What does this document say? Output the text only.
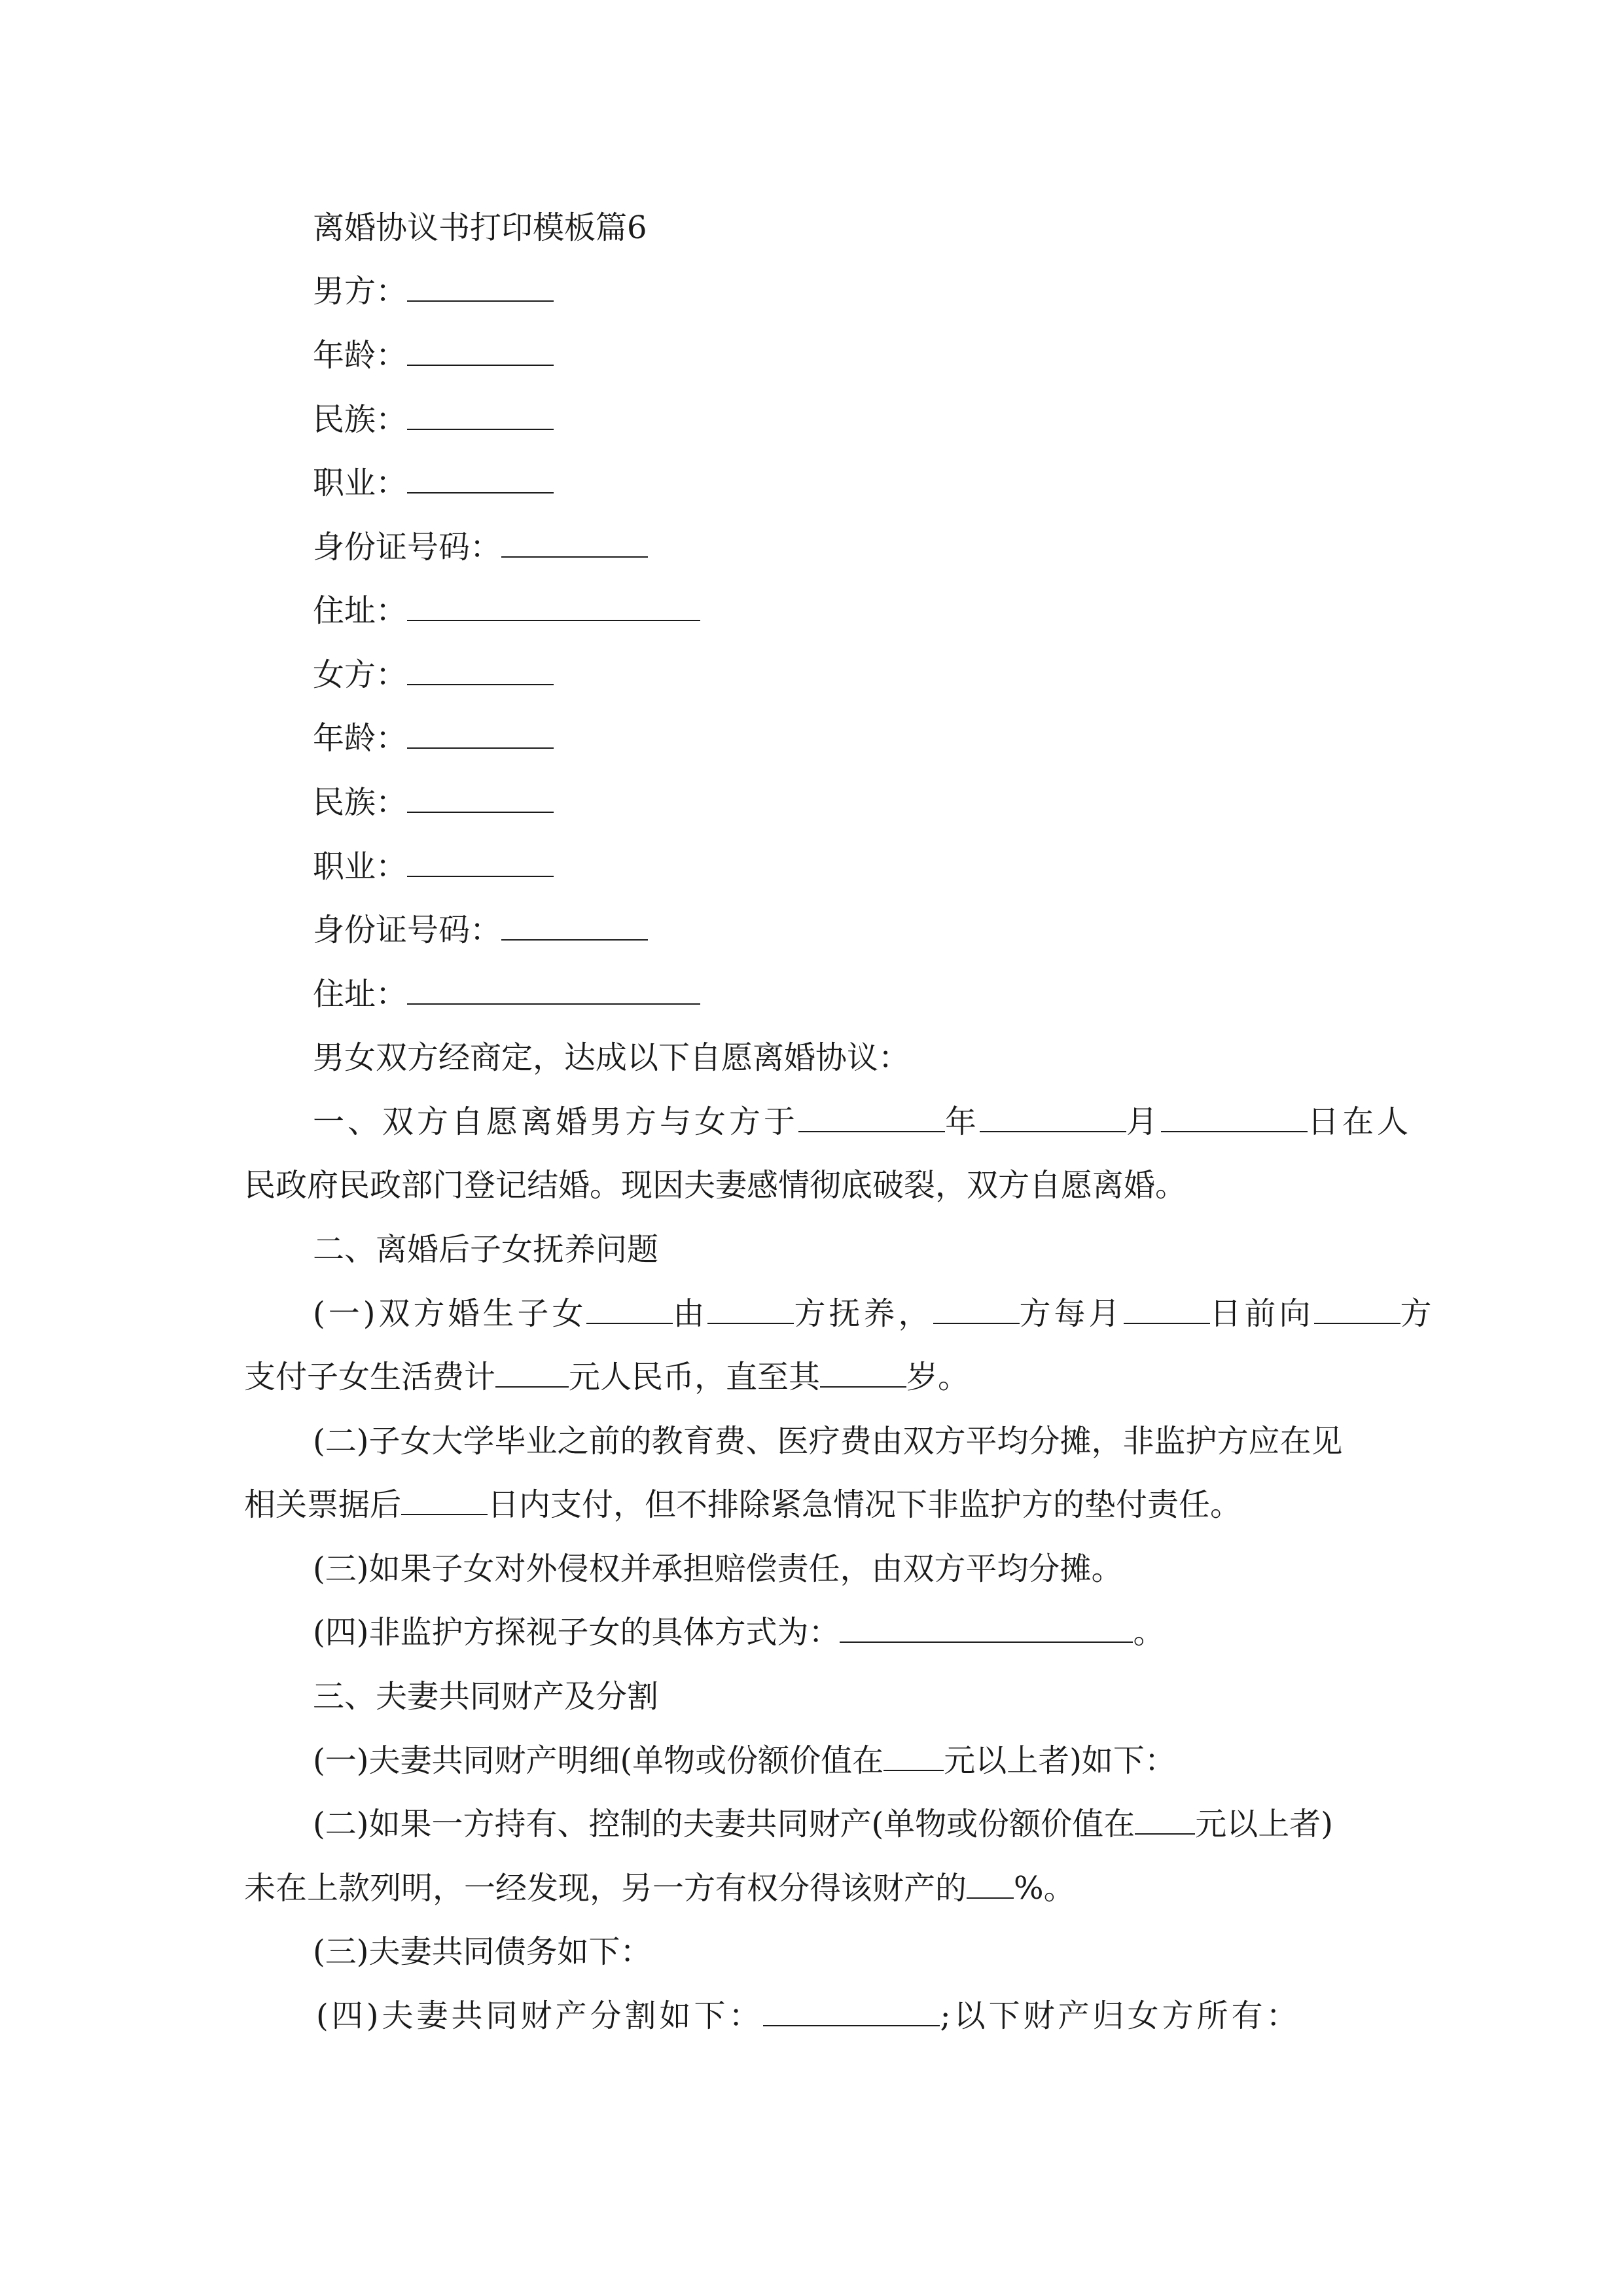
离婚协议书打印模板篇6
男方：
年龄：
民族：
职业：
身份证号码：
住址：
女方：
年龄：
民族：
职业：
身份证号码：
住址：
男女双方经商定，达成以下自愿离婚协议：
一、双方自愿离婚男方与女方于	年	月	日在人
民政府民政部门登记结婚。现因夫妻感情彻底破裂，双方自愿离婚。
二、离婚后子女抚养问题
(一)双方婚生子女	由	方抚养，	方每月	日前向	方
支付子女生活费计 元人民币，直至其	岁。
(二)子女大学毕业之前的教育费、医疗费由双方平均分摊，非监护方应在见
相关票据后	日内支付，但不排除紧急情况下非监护方的垫付责任。
(三)如果子女对外侵权并承担赔偿责任，由双方平均分摊。
(四)非监护方探视子女的具体方式为：	。
三、夫妻共同财产及分割
(一)夫妻共同财产明细(单物或份额价值在 元以上者)如下：
(二)如果一方持有、控制的夫妻共同财产(单物或份额价值在 元以上者)
未在上款列明，一经发现，另一方有权分得该财产的 %。
(三)夫妻共同债务如下：
(四)夫妻共同财产分割如下：	;以下财产归女方所有：
